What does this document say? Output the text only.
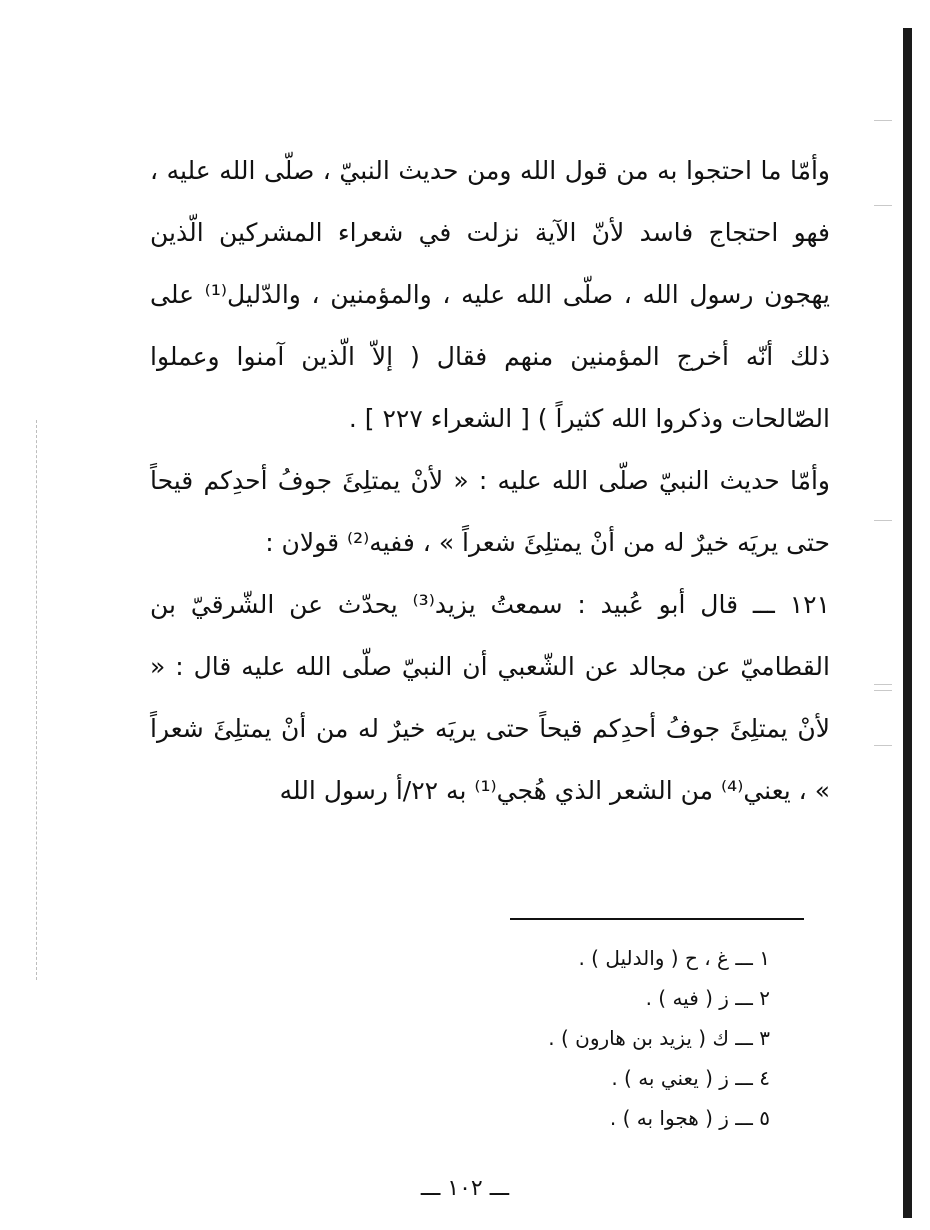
وأمّا ما احتجوا به من قول الله ومن حديث النبيّ ، صلّى الله عليه ، فهو احتجاج فاسد لأنّ الآية نزلت في شعراء المشركين الّذين يهجون رسول الله ، صلّى الله عليه ، والمؤمنين ، والدّليل⁽¹⁾ على ذلك أنّه أخرج المؤمنين منهم فقال ( إلاّ الّذين آمنوا وعملوا الصّالحات وذكروا الله كثيراً ) [ الشعراء ٢٢٧ ] .

وأمّا حديث النبيّ صلّى الله عليه : « لأنْ يمتلِئَ جوفُ أحدِكم قيحاً حتى يريَه خيرٌ له من أنْ يمتلِئَ شعراً » ، ففيه⁽²⁾ قولان :

١٢١ ـــ قال أبو عُبيد : سمعتُ يزيد⁽³⁾ يحدّث عن الشّرقيّ بن القطاميّ عن مجالد عن الشّعبي أن النبيّ صلّى الله عليه قال : « لأنْ يمتلِئَ جوفُ أحدِكم قيحاً حتى يريَه خيرٌ له من أنْ يمتلِئَ شعراً » ، يعني⁽⁴⁾ من الشعر الذي هُجي⁽¹⁾ به ٢٢/أ رسول الله

١ ـــ غ ، ح ( والدليل ) .
٢ ـــ ز ( فيه ) .
٣ ـــ ك ( يزيد بن هارون ) .
٤ ـــ ز ( يعني به ) .
٥ ـــ ز ( هجوا به ) .
ـــ ١٠٢ ـــ
